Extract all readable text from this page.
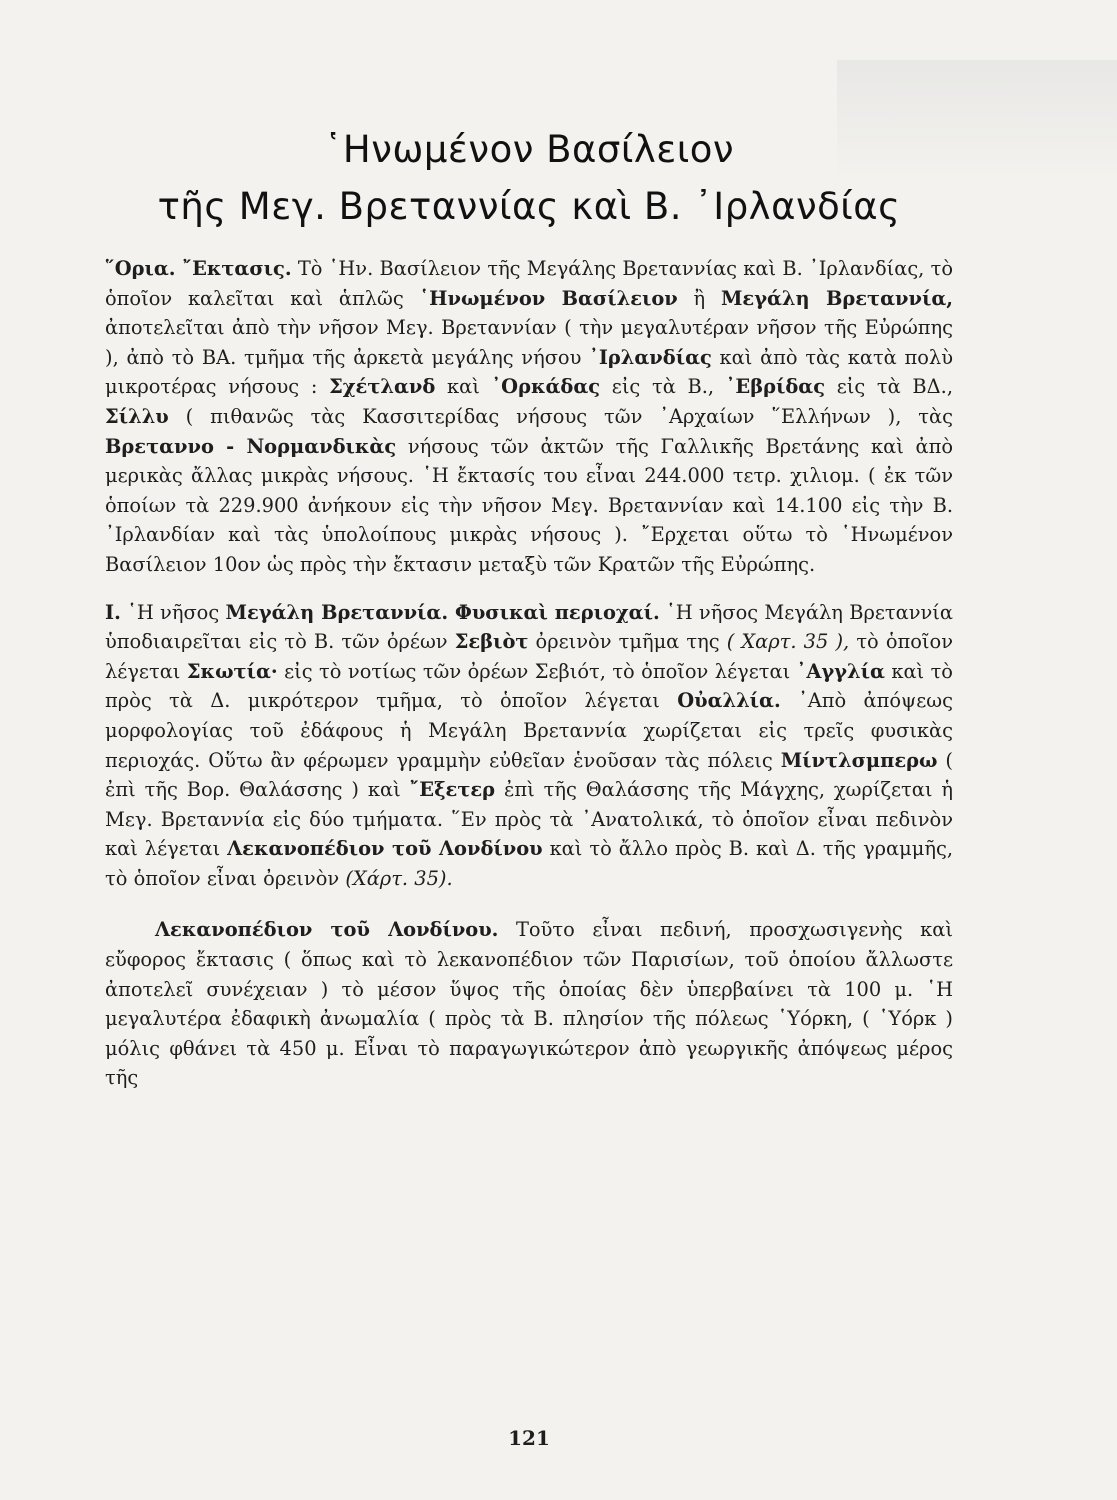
῾Ηνωμένον Βασίλειον
τῆς Μεγ. Βρεταννίας καὶ Β. ᾿Ιρλανδίας

῞Ορια. ῎Εκτασις. Τὸ ῾Ην. Βασίλειον τῆς Μεγάλης Βρεταννίας καὶ Β. ᾿Ιρλανδίας, τὸ ὁποῖον καλεῖται καὶ ἁπλῶς ῾Ηνωμένον Βασίλειον ἢ Μεγάλη Βρεταννία, ἀποτελεῖται ἀπὸ τὴν νῆσον Μεγ. Βρεταννίαν ( τὴν μεγαλυτέραν νῆσον τῆς Εὐρώπης ), ἀπὸ τὸ ΒΑ. τμῆμα τῆς ἀρκετὰ μεγάλης νήσου ᾿Ιρλανδίας καὶ ἀπὸ τὰς κατὰ πολὺ μικροτέρας νήσους : Σχέτλανδ καὶ ᾿Ορκάδας εἰς τὰ Β., ᾿Εβρίδας εἰς τὰ ΒΔ., Σίλλυ ( πιθανῶς τὰς Κασσιτερίδας νήσους τῶν ᾿Αρχαίων ῞Ελλήνων ), τὰς Βρεταννο - Νορμανδικὰς νήσους τῶν ἀκτῶν τῆς Γαλλικῆς Βρετάνης καὶ ἀπὸ μερικὰς ἄλλας μικρὰς νήσους. ῾Η ἔκτασίς του εἶναι 244.000 τετρ. χιλιομ. ( ἐκ τῶν ὁποίων τὰ 229.900 ἀνήκουν εἰς τὴν νῆσον Μεγ. Βρεταννίαν καὶ 14.100 εἰς τὴν Β. ᾿Ιρλανδίαν καὶ τὰς ὑπολοίπους μικρὰς νήσους ). ῎Ερχεται οὕτω τὸ ῾Ηνωμένον Βασίλειον 10ον ὡς πρὸς τὴν ἔκτασιν μεταξὺ τῶν Κρατῶν τῆς Εὐρώπης.

Ι. ῾Η νῆσος Μεγάλη Βρεταννία. Φυσικαὶ περιοχαί. ῾Η νῆσος Μεγάλη Βρεταννία ὑποδιαιρεῖται εἰς τὸ Β. τῶν ὀρέων Σεβιὸτ ὀρεινὸν τμῆμα της ( Χαρτ. 35 ), τὸ ὁποῖον λέγεται Σκωτία· εἰς τὸ νοτίως τῶν ὀρέων Σεβιότ, τὸ ὁποῖον λέγεται ᾿Αγγλία καὶ τὸ πρὸς τὰ Δ. μικρότερον τμῆμα, τὸ ὁποῖον λέγεται Οὐαλλία. ᾿Απὸ ἀπόψεως μορφολογίας τοῦ ἐδάφους ἡ Μεγάλη Βρεταννία χωρίζεται εἰς τρεῖς φυσικὰς περιοχάς. Οὕτω ἂν φέρωμεν γραμμὴν εὐθεῖαν ἑνοῦσαν τὰς πόλεις Μίντλσμπερω ( ἐπὶ τῆς Βορ. Θαλάσσης ) καὶ ῎Εξετερ ἐπὶ τῆς Θαλάσσης τῆς Μάγχης, χωρίζεται ἡ Μεγ. Βρεταννία εἰς δύο τμήματα. ῞Εν πρὸς τὰ ᾿Ανατολικά, τὸ ὁποῖον εἶναι πεδινὸν καὶ λέγεται Λεκανοπέδιον τοῦ Λονδίνου καὶ τὸ ἄλλο πρὸς Β. καὶ Δ. τῆς γραμμῆς, τὸ ὁποῖον εἶναι ὀρεινὸν (Χάρτ. 35).

Λεκανοπέδιον τοῦ Λονδίνου. Τοῦτο εἶναι πεδινή, προσχωσιγενὴς καὶ εὔφορος ἔκτασις ( ὅπως καὶ τὸ λεκανοπέδιον τῶν Παρισίων, τοῦ ὁποίου ἄλλωστε ἀποτελεῖ συνέχειαν ) τὸ μέσον ὕψος τῆς ὁποίας δὲν ὑπερβαίνει τὰ 100 μ. ῾Η μεγαλυτέρα ἐδαφικὴ ἀνωμαλία ( πρὸς τὰ Β. πλησίον τῆς πόλεως ῾Υόρκη, ( ῾Υόρκ ) μόλις φθάνει τὰ 450 μ. Εἶναι τὸ παραγωγικώτερον ἀπὸ γεωργικῆς ἀπόψεως μέρος τῆς

121
